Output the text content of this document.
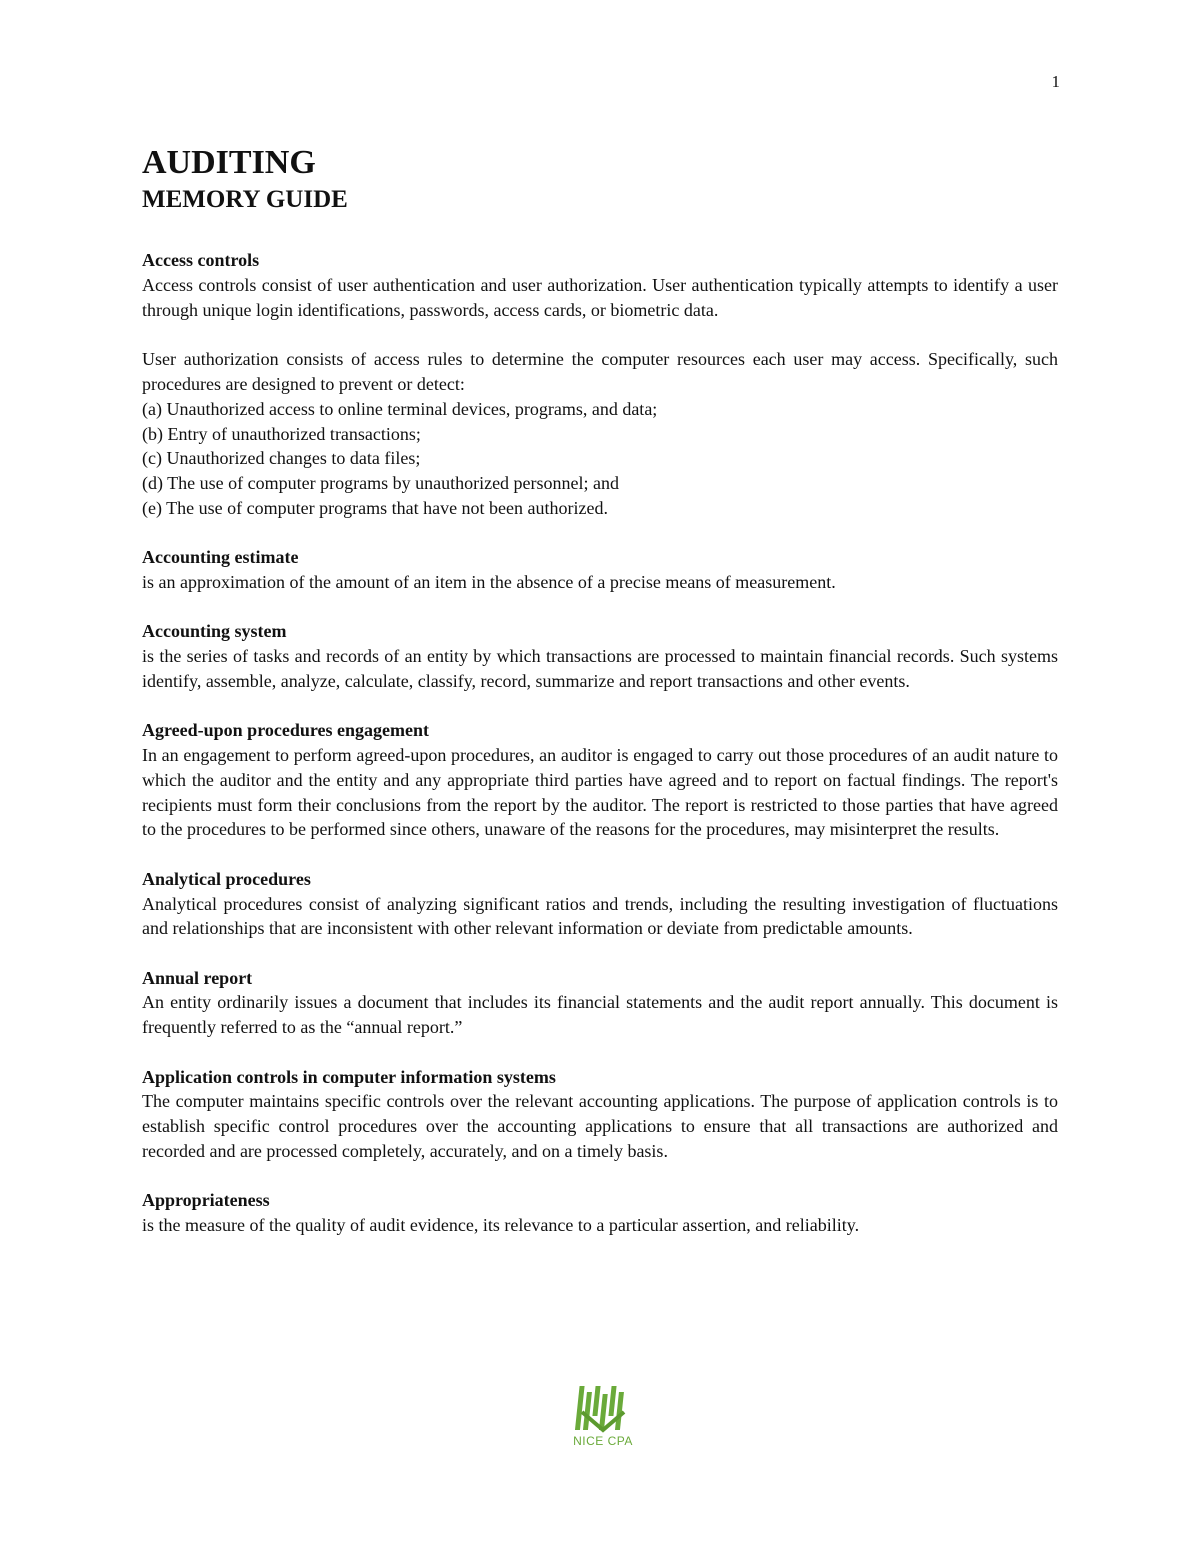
1
AUDITING
MEMORY GUIDE

Access controls

Access controls consist of user authentication and user authorization. User authentication typically attempts to identify a user through unique login identifications, passwords, access cards, or biometric data.

User authorization consists of access rules to determine the computer resources each user may access. Specifically, such procedures are designed to prevent or detect:

(a) Unauthorized access to online terminal devices, programs, and data;
(b) Entry of unauthorized transactions;
(c) Unauthorized changes to data files;
(d) The use of computer programs by unauthorized personnel; and
(e) The use of computer programs that have not been authorized.

Accounting estimate

is an approximation of the amount of an item in the absence of a precise means of measurement.

Accounting system

is the series of tasks and records of an entity by which transactions are processed to maintain financial records. Such systems identify, assemble, analyze, calculate, classify, record, summarize and report transactions and other events.

Agreed-upon procedures engagement

In an engagement to perform agreed-upon procedures, an auditor is engaged to carry out those procedures of an audit nature to which the auditor and the entity and any appropriate third parties have agreed and to report on factual findings. The report's recipients must form their conclusions from the report by the auditor. The report is restricted to those parties that have agreed to the procedures to be performed since others, unaware of the reasons for the procedures, may misinterpret the results.

Analytical procedures

Analytical procedures consist of analyzing significant ratios and trends, including the resulting investigation of fluctuations and relationships that are inconsistent with other relevant information or deviate from predictable amounts.

Annual report

An entity ordinarily issues a document that includes its financial statements and the audit report annually. This document is frequently referred to as the “annual report.”

Application controls in computer information systems

The computer maintains specific controls over the relevant accounting applications. The purpose of application controls is to establish specific control procedures over the accounting applications to ensure that all transactions are authorized and recorded and are processed completely, accurately, and on a timely basis.

Appropriateness

is the measure of the quality of audit evidence, its relevance to a particular assertion, and reliability.

NICE CPA
